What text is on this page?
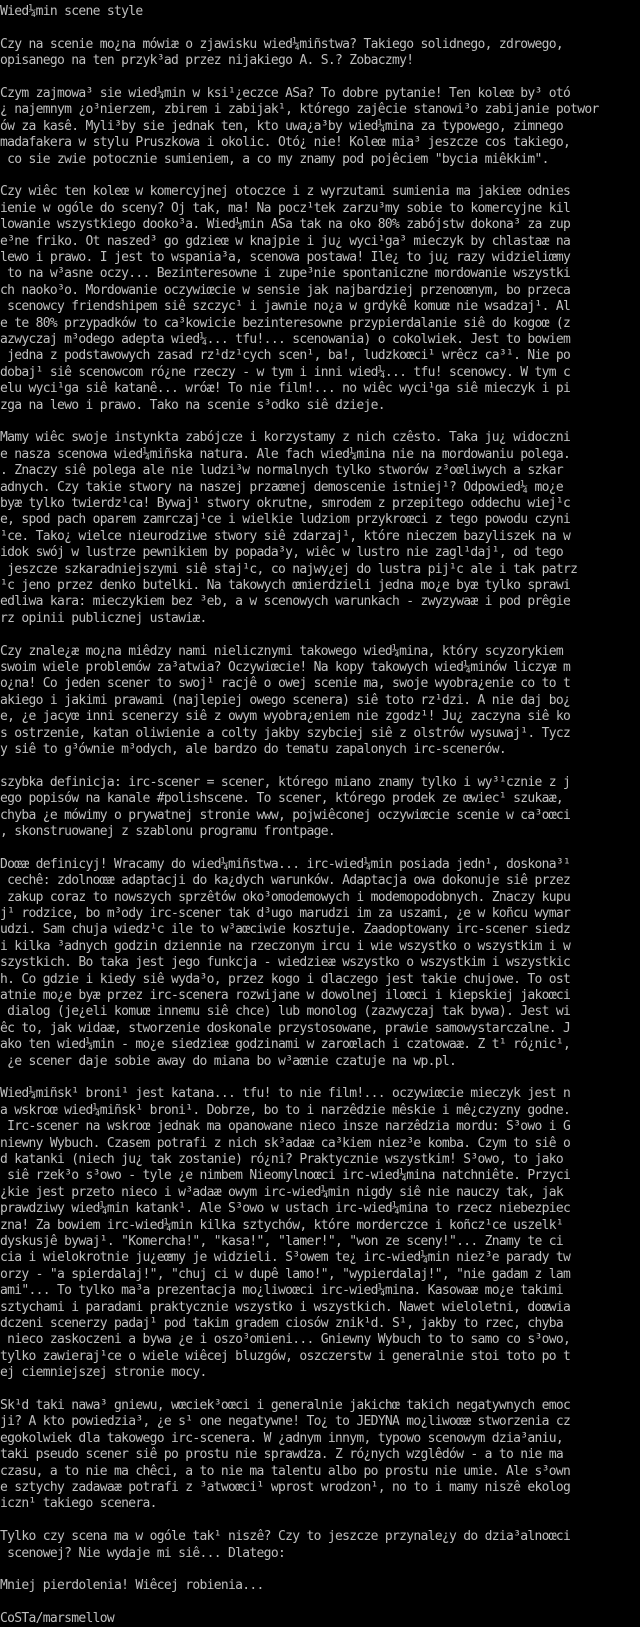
Wied¼min scene style
Czy na scenie mo¿na mówiæ o zjawisku wied¼miñstwa? Takiego solidnego, zdrowego,
opisanego na ten przyk³ad przez nijakiego A. S.? Zobaczmy!
Czym zajmowa³ sie wied¼min w ksi¹¿eczce ASa? To dobre pytanie! Ten koleœ by³ otó
¿ najemnym ¿o³nierzem, zbirem i zabijak¹, którego zajêcie stanowi³o zabijanie potwor
ów za kasê. Myli³by sie jednak ten, kto uwa¿a³by wied¼mina za typowego, zimnego
madafakera w stylu Pruszkowa i okolic. Otó¿ nie! Koleœ mia³ jeszcze cos takiego,
co sie zwie potocznie sumieniem, a co my znamy pod pojêciem "bycia miêkkim".
Czy wiêc ten koleœ w komercyjnej otoczce i z wyrzutami sumienia ma jakieœ odnies
ienie w ogóle do sceny? Oj tak, ma! Na pocz¹tek zarzu³my sobie to komercyjne kil
lowanie wszystkiego dooko³a. Wied¼min ASa tak na oko 80% zabójstw dokona³ za zup
e³ne friko. Ot naszed³ go gdzieœ w knajpie i ju¿ wyci¹ga³ mieczyk by chlastaæ na
lewo i prawo. I jest to wspania³a, scenowa postawa! Ile¿ to ju¿ razy widzieliœmy
to na w³asne oczy... Bezinteresowne i zupe³nie spontaniczne mordowanie wszystki
ch naoko³o. Mordowanie oczywiœcie w sensie jak najbardziej przenoœnym, bo przeca
scenowcy friendshipem siê szczyc¹ i jawnie no¿a w grdykê komuœ nie wsadzaj¹. Al
e te 80% przypadków to ca³kowicie bezinteresowne przypierdalanie siê do kogoœ (z
azwyczaj m³odego adepta wied¼... tfu!... scenowania) o cokolwiek. Jest to bowiem
jedna z podstawowych zasad rz¹dz¹cych scen¹, ba!, ludzkoœci¹ wrêcz ca³¹. Nie po
dobaj¹ siê scenowcom ró¿ne rzeczy - w tym i inni wied¼... tfu! scenowcy. W tym c
elu wyci¹ga siê katanê... wróæ! To nie film!... no wiêc wyci¹ga siê mieczyk i pi
zga na lewo i prawo. Tako na scenie s³odko siê dzieje.
Mamy wiêc swoje instynkta zabójcze i korzystamy z nich czêsto. Taka ju¿ widoczni
e nasza scenowa wied¼miñska natura. Ale fach wied¼mina nie na mordowaniu polega.
. Znaczy siê polega ale nie ludzi³w normalnych tylko stworów z³oœliwych a szkar
adnych. Czy takie stwory na naszej przaœnej demoscenie istniej¹? Odpowied¼ mo¿e
byæ tylko twierdz¹ca! Bywaj¹ stwory okrutne, smrodem z przepitego oddechu wiej¹c
e, spod pach oparem zamrczaj¹ce i wielkie ludziom przykroœci z tego powodu czyni
¹ce. Tako¿ wielce nieurodziwe stwory siê zdarzaj¹, które nieczem bazyliszek na w
idok swój w lustrze pewnikiem by popada³y, wiêc w lustro nie zagl¹daj¹, od tego
jeszcze szkaradniejszymi siê staj¹c, co najwy¿ej do lustra pij¹c ale i tak patrz
¹c jeno przez denko butelki. Na takowych œmierdzieli jedna mo¿e byæ tylko sprawi
edliwa kara: mieczykiem bez ³eb, a w scenowych warunkach - zwyzywaæ i pod prêgie
rz opinii publicznej ustawiæ.
Czy znale¿æ mo¿na miêdzy nami nielicznymi takowego wied¼mina, który scyzorykiem
swoim wiele problemów za³atwia? Oczywiœcie! Na kopy takowych wied¼minów liczyæ m
o¿na! Co jeden scener to swoj¹ racjê o owej scenie ma, swoje wyobra¿enie co to t
akiego i jakimi prawami (najlepiej owego scenera) siê toto rz¹dzi. A nie daj bo¿
e, ¿e jacyœ inni scenerzy siê z owym wyobra¿eniem nie zgodz¹! Ju¿ zaczyna siê ko
s ostrzenie, katan oliwienie a colty jakby szybciej siê z olstrów wysuwaj¹. Tycz
y siê to g³ównie m³odych, ale bardzo do tematu zapalonych irc-scenerów.
szybka definicja: irc-scener = scener, którego miano znamy tylko i wy³¹cznie z j
ego popisów na kanale #polishscene. To scener, którego prodek ze œwiec¹ szukaæ,
chyba ¿e mówimy o prywatnej stronie www, pojwiêconej oczywiœcie scenie w ca³oœci
, skonstruowanej z szablonu programu frontpage.
Doœæ definicyj! Wracamy do wied¼miñstwa... irc-wied¼min posiada jedn¹, doskona³¹
cechê: zdolnoœæ adaptacji do ka¿dych warunków. Adaptacja owa dokonuje siê przez
zakup coraz to nowszych sprzêtów oko³omodemowych i modemopodobnych. Znaczy kupu
j¹ rodzice, bo m³ody irc-scener tak d³ugo marudzi im za uszami, ¿e w koñcu wymar
udzi. Sam chuja wiedz¹c ile to w³aœciwie kosztuje. Zaadoptowany irc-scener siedz
i kilka ³adnych godzin dziennie na rzeczonym ircu i wie wszystko o wszystkim i w
szystkich. Bo taka jest jego funkcja - wiedzieæ wszystko o wszystkim i wszystkic
h. Co gdzie i kiedy siê wyda³o, przez kogo i dlaczego jest takie chujowe. To ost
atnie mo¿e byæ przez irc-scenera rozwijane w dowolnej iloœci i kiepskiej jakoœci
dialog (je¿eli komuœ innemu siê chce) lub monolog (zazwyczaj tak bywa). Jest wi
êc to, jak widaæ, stworzenie doskonale przystosowane, prawie samowystarczalne. J
ako ten wied¼min - mo¿e siedzieæ godzinami w zaroœlach i czatowaæ. Z t¹ ró¿nic¹,
¿e scener daje sobie away do miana bo w³aœnie czatuje na wp.pl.
Wied¼miñsk¹ broni¹ jest katana... tfu! to nie film!... oczywiœcie mieczyk jest n
a wskroœ wied¼miñsk¹ broni¹. Dobrze, bo to i narzêdzie mêskie i mê¿czyzny godne.
Irc-scener na wskroœ jednak ma opanowane nieco insze narzêdzia mordu: S³owo i G
niewny Wybuch. Czasem potrafi z nich sk³adaæ ca³kiem niez³e komba. Czym to siê o
d katanki (niech ju¿ tak zostanie) ró¿ni? Praktycznie wszystkim! S³owo, to jako
siê rzek³o s³owo - tyle ¿e nimbem Nieomylnoœci irc-wied¼mina natchniête. Przyci
¿kie jest przeto nieco i w³adaæ owym irc-wied¼min nigdy siê nie nauczy tak, jak
prawdziwy wied¼min katank¹. Ale S³owo w ustach irc-wied¼mina to rzecz niebezpiec
zna! Za bowiem irc-wied¼min kilka sztychów, które morderczce i koñcz¹ce uszelk¹
dyskusjê bywaj¹. "Komercha!", "kasa!", "lamer!", "won ze sceny!"... Znamy te ci
cia i wielokrotnie ju¿eœmy je widzieli. S³owem te¿ irc-wied¼min niez³e parady tw
orzy - "a spierdalaj!", "chuj ci w dupê lamo!", "wypierdalaj!", "nie gadam z lam
ami"... To tylko ma³a prezentacja mo¿liwoœci irc-wied¼mina. Kasowaæ mo¿e takimi
sztychami i paradami praktycznie wszystko i wszystkich. Nawet wieloletni, doœwia
dczeni scenerzy padaj¹ pod takim gradem ciosów znik¹d. S¹, jakby to rzec, chyba
nieco zaskoczeni a bywa ¿e i oszo³omieni... Gniewny Wybuch to to samo co s³owo,
tylko zawieraj¹ce o wiele wiêcej bluzgów, oszczerstw i generalnie stoi toto po t
ej ciemniejszej stronie mocy.
Sk¹d taki nawa³ gniewu, wœciek³oœci i generalnie jakichœ takich negatywnych emoc
ji? A kto powiedzia³, ¿e s¹ one negatywne! To¿ to JEDYNA mo¿liwoœæ stworzenia cz
egokolwiek dla takowego irc-scenera. W ¿adnym innym, typowo scenowym dzia³aniu,
taki pseudo scener siê po prostu nie sprawdza. Z ró¿nych wzglêdów - a to nie ma
czasu, a to nie ma chêci, a to nie ma talentu albo po prostu nie umie. Ale s³own
e sztychy zadawaæ potrafi z ³atwoœci¹ wprost wrodzon¹, no to i mamy niszê ekolog
iczn¹ takiego scenera.
Tylko czy scena ma w ogóle tak¹ niszê? Czy to jeszcze przynale¿y do dzia³alnoœci
scenowej? Nie wydaje mi siê... Dlatego:
Mniej pierdolenia! Wiêcej robienia...
CoSTa/marsmellow
